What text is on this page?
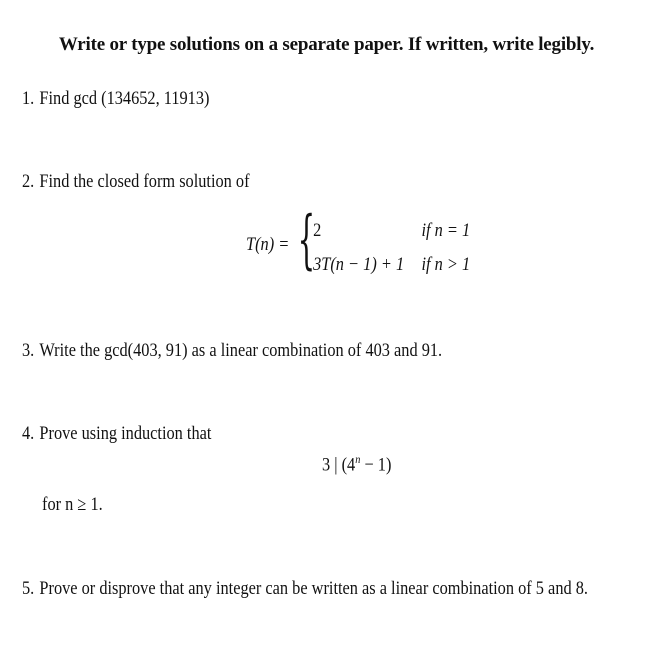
Write or type solutions on a separate paper. If written, write legibly.
1. Find gcd (134652, 11913)
2. Find the closed form solution of
T(n) = {
2	if n = 1
3T(n − 1) + 1 if n > 1
3. Write the gcd(403, 91) as a linear combination of 403 and 91.
4. Prove using induction that
3 | $(4^n - 1)$
for n ≥ 1.
5. Prove or disprove that any integer can be written as a linear combination of 5 and 8.
